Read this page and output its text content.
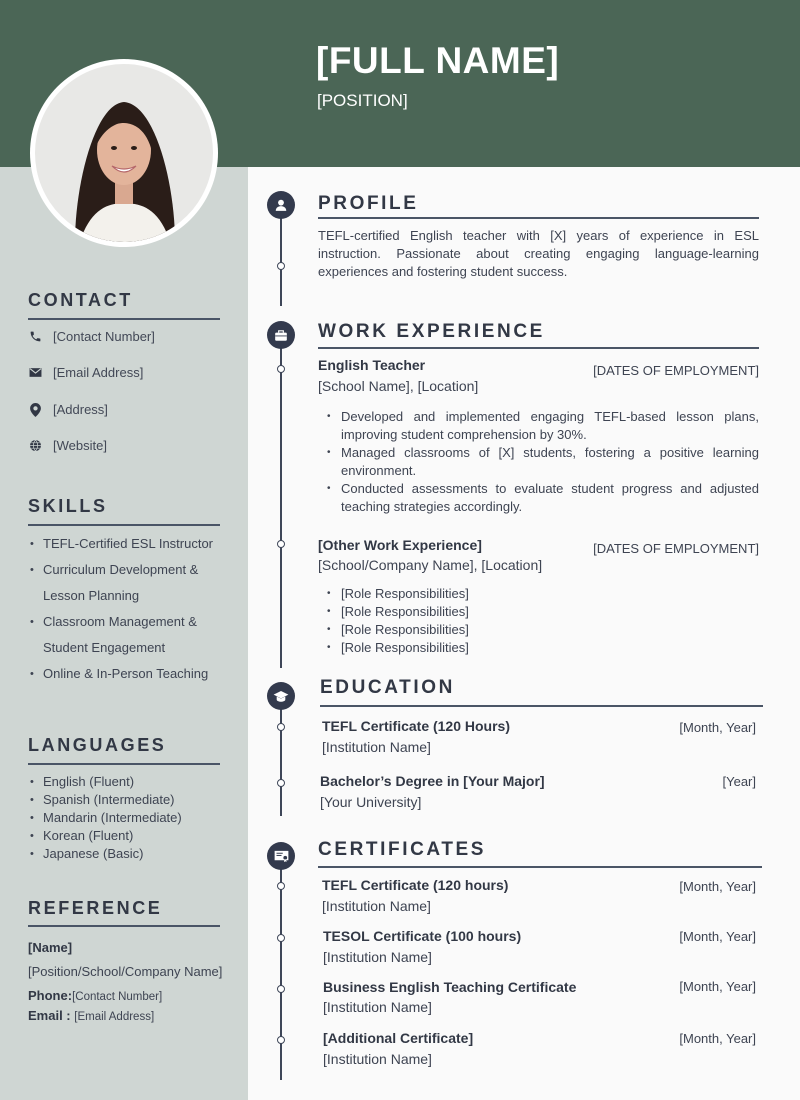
[FULL NAME]
[POSITION]
CONTACT
[Contact Number]
[Email Address]
[Address]
[Website]
SKILLS
• TEFL-Certified ESL Instructor
• Curriculum Development &
Lesson Planning
• Classroom Management &
Student Engagement
• Online & In-Person Teaching
LANGUAGES
• English (Fluent)
• Spanish (Intermediate)
• Mandarin (Intermediate)
• Korean (Fluent)
• Japanese (Basic)
REFERENCE
[Name]
[Position/School/Company Name]
Phone:[Contact Number]
Email : [Email Address]
PROFILE
TEFL-certified English teacher with [X] years of experience in ESL instruction. Passionate about creating engaging language-learning experiences and fostering student success.
WORK EXPERIENCE
English Teacher
[School Name], [Location]
[DATES OF EMPLOYMENT]
• Developed and implemented engaging TEFL-based lesson plans, improving student comprehension by 30%.
• Managed classrooms of [X] students, fostering a positive learning environment.
• Conducted assessments to evaluate student progress and adjusted teaching strategies accordingly.
[Other Work Experience]
[School/Company Name], [Location]
[DATES OF EMPLOYMENT]
• [Role Responsibilities]
• [Role Responsibilities]
• [Role Responsibilities]
• [Role Responsibilities]
EDUCATION
TEFL Certificate (120 Hours)
[Institution Name]
[Month, Year]
Bachelor’s Degree in [Your Major]
[Your University]
[Year]
CERTIFICATES
TEFL Certificate (120 hours)
[Institution Name]
[Month, Year]
TESOL Certificate (100 hours)
[Institution Name]
[Month, Year]
Business English Teaching Certificate
[Institution Name]
[Month, Year]
[Additional Certificate]
[Institution Name]
[Month, Year]
